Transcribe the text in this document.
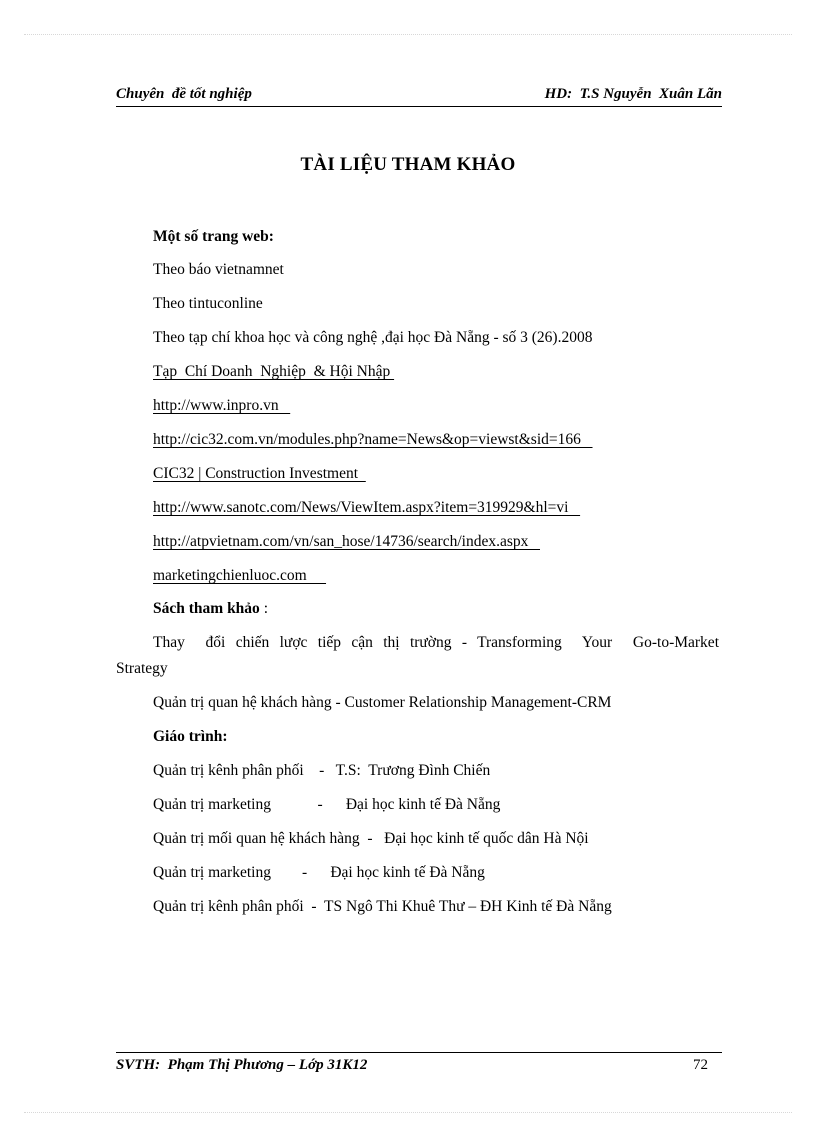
Chuyên  đề tốt nghiệp	HD:  T.S Nguyễn  Xuân Lãn
TÀI LIỆU THAM KHẢO
Một số trang web:
Theo báo vietnamnet
Theo tintuconline
Theo tạp chí khoa học và công nghệ ,đại học Đà Nẵng - số 3 (26).2008
Tạp  Chí Doanh  Nghiệp  & Hội Nhập
http://www.inpro.vn
http://cic32.com.vn/modules.php?name=News&op=viewst&sid=166
CIC32 | Construction Investment
http://www.sanotc.com/News/ViewItem.aspx?item=319929&hl=vi
http://atpvietnam.com/vn/san_hose/14736/search/index.aspx
marketingchienluoc.com
Sách tham khảo :
Thay  đổi chiến lược tiếp cận thị trường - Transforming  Your  Go-to-Market
Strategy
Quản trị quan hệ khách hàng - Customer Relationship Management-CRM
Giáo trình:
Quản trị kênh phân phối    -   T.S:  Trương Đình Chiến
Quản trị marketing            -      Đại học kinh tế Đà Nẵng
Quản trị mối quan hệ khách hàng  -   Đại học kinh tế quốc dân Hà Nội
Quản trị marketing        -      Đại học kinh tế Đà Nẵng
Quản trị kênh phân phối  -  TS Ngô Thi Khuê Thư – ĐH Kinh tế Đà Nẵng
SVTH:  Phạm Thị Phương – Lớp 31K12	72
